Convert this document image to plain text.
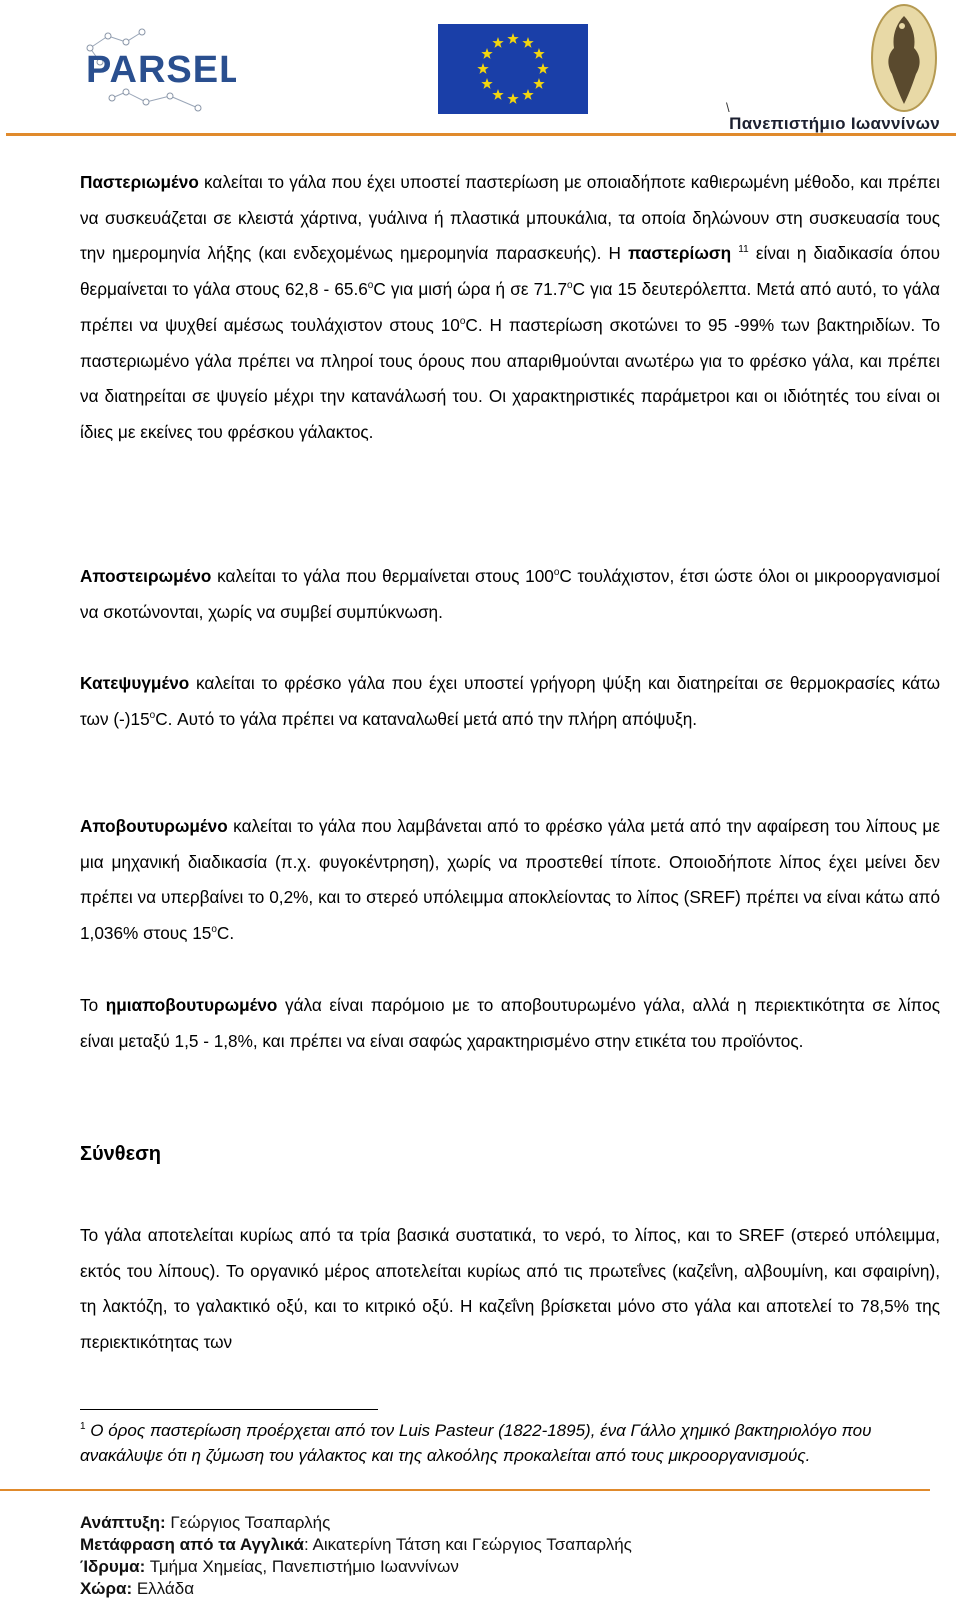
PARSEL
\
Πανεπιστήμιο Ιωαννίνων

Παστεριωμένο καλείται το γάλα που έχει υποστεί παστερίωση με οποιαδήποτε καθιερωμένη μέθοδο, και πρέπει να συσκευάζεται σε κλειστά χάρτινα, γυάλινα ή πλαστικά μπουκάλια, τα οποία δηλώνουν στη συσκευασία τους την ημερομηνία λήξης (και ενδεχομένως ημερομηνία παρασκευής). Η παστερίωση $^{11}$ είναι η διαδικασία όπου θερμαίνεται το γάλα στους 62,8 - 65.6$^o$C για μισή ώρα ή σε 71.7$^o$C για 15 δευτερόλεπτα. Μετά από αυτό, το γάλα πρέπει να ψυχθεί αμέσως τουλάχιστον στους 10$^o$C. Η παστερίωση σκοτώνει το 95 -99% των βακτηριδίων. Το παστεριωμένο γάλα πρέπει να πληροί τους όρους που απαριθμούνται ανωτέρω για το φρέσκο γάλα, και πρέπει να διατηρείται σε ψυγείο μέχρι την κατανάλωσή του. Οι χαρακτηριστικές παράμετροι και οι ιδιότητές του είναι οι ίδιες με εκείνες του φρέσκου γάλακτος.

Αποστειρωμένο καλείται το γάλα που θερμαίνεται στους 100$^o$C τουλάχιστον, έτσι ώστε όλοι οι μικροοργανισμοί να σκοτώνονται, χωρίς να συμβεί συμπύκνωση.

Κατεψυγμένο καλείται το φρέσκο γάλα που έχει υποστεί γρήγορη ψύξη και διατηρείται σε θερμοκρασίες κάτω των (-)15$^o$C. Αυτό το γάλα πρέπει να καταναλωθεί μετά από την πλήρη απόψυξη.

Αποβουτυρωμένο καλείται το γάλα που λαμβάνεται από το φρέσκο γάλα μετά από την αφαίρεση του λίπους με μια μηχανική διαδικασία (π.χ. φυγοκέντρηση), χωρίς να προστεθεί τίποτε. Οποιοδήποτε λίπος έχει μείνει δεν πρέπει να υπερβαίνει το 0,2%, και το στερεό υπόλειμμα αποκλείοντας το λίπος (SREF) πρέπει να είναι κάτω από 1,036% στους 15$^o$C.

Το ημιαποβουτυρωμένο γάλα είναι παρόμοιο με το αποβουτυρωμένο γάλα, αλλά η περιεκτικότητα σε λίπος είναι μεταξύ 1,5 - 1,8%, και πρέπει να είναι σαφώς χαρακτηρισμένο στην ετικέτα του προϊόντος.

Σύνθεση

Το γάλα αποτελείται κυρίως από τα τρία βασικά συστατικά, το νερό, το λίπος, και το SREF (στερεό υπόλειμμα, εκτός του λίπους). Το οργανικό μέρος αποτελείται κυρίως από τις πρωτεΐνες (καζεΐνη, αλβουμίνη, και σφαιρίνη), τη λακτόζη, το γαλακτικό οξύ, και το κιτρικό οξύ. Η καζεΐνη βρίσκεται μόνο στο γάλα και αποτελεί το 78,5% της περιεκτικότητας των

$^1$ Ο όρος παστερίωση προέρχεται από τον Luis Pasteur (1822-1895), ένα Γάλλο χημικό βακτηριολόγο που ανακάλυψε ότι η ζύμωση του γάλακτος και της αλκοόλης προκαλείται από τους μικροοργανισμούς.
Ανάπτυξη: Γεώργιος Τσαπαρλής
Μετάφραση από τα Αγγλικά: Αικατερίνη Τάτση και Γεώργιος Τσαπαρλής
Ίδρυμα: Τμήμα Χημείας, Πανεπιστήμιο Ιωαννίνων
Χώρα: Ελλάδα
